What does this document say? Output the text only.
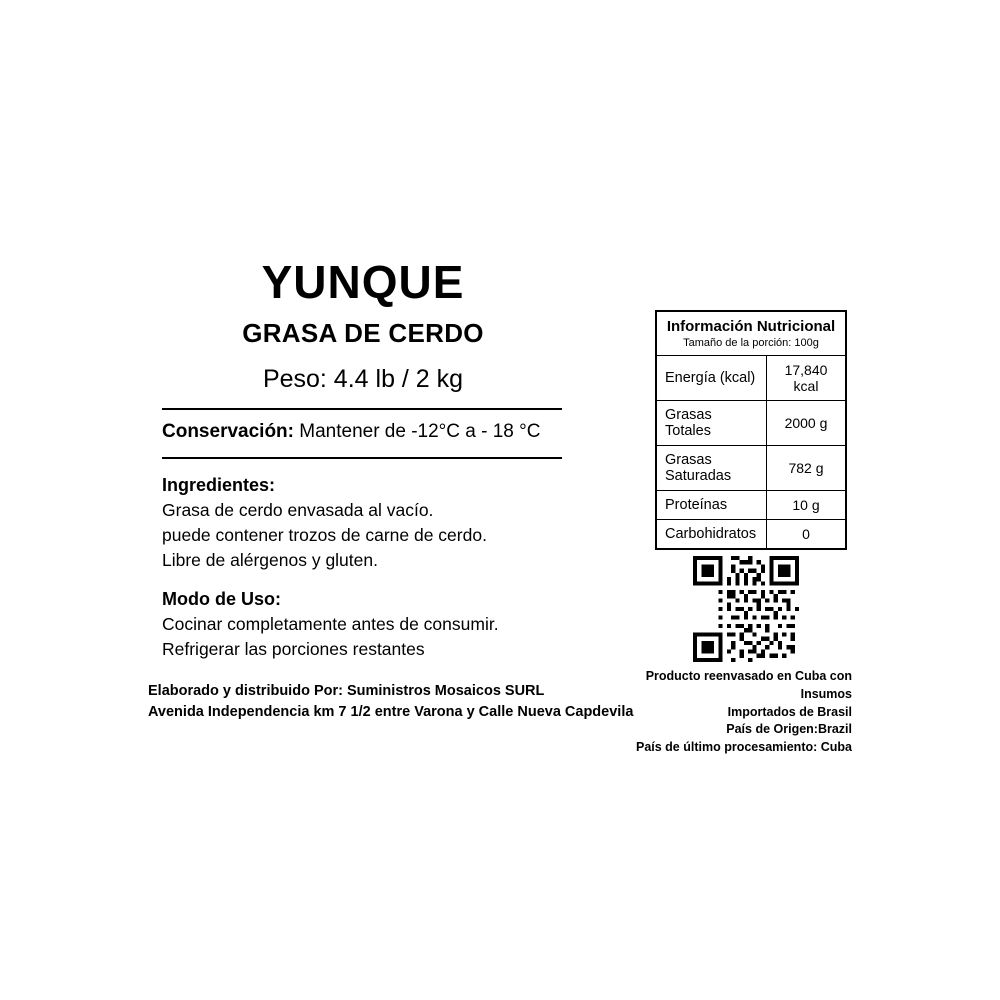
YUNQUE
GRASA DE CERDO
Peso: 4.4 lb / 2 kg
Conservación: Mantener de -12°C a - 18 °C
Ingredientes:
Grasa de cerdo envasada al vacío.
puede contener trozos de carne de cerdo.
Libre de alérgenos y gluten.
Modo de Uso:
Cocinar completamente antes de consumir.
Refrigerar las porciones restantes
Elaborado y distribuido Por: Suministros Mosaicos SURL
Avenida Independencia km 7 1/2 entre Varona y Calle Nueva Capdevila
Información Nutricional
Tamaño de la porción: 100g	

Energía (kcal)	17,840 kcal
Grasas Totales	2000 g
Grasas Saturadas	782 g
Proteínas	10 g
Carbohidratos	0
Producto reenvasado en Cuba con Insumos
Importados de Brasil
País de Origen:Brazil
País de último procesamiento: Cuba
